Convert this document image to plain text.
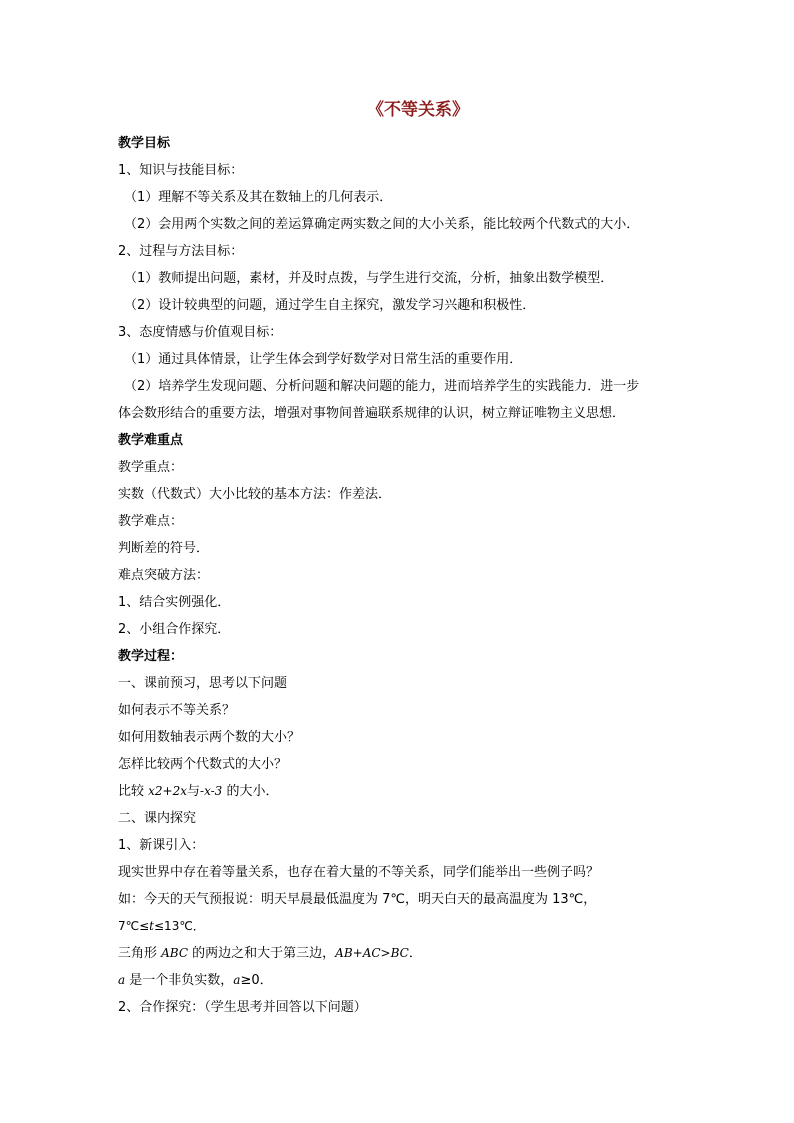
《不等关系》
教学目标
1、知识与技能目标：
（1）理解不等关系及其在数轴上的几何表示．
（2）会用两个实数之间的差运算确定两实数之间的大小关系，能比较两个代数式的大小．
2、过程与方法目标：
（1）教师提出问题，素材，并及时点拨，与学生进行交流，分析，抽象出数学模型．
（2）设计较典型的问题，通过学生自主探究，激发学习兴趣和积极性．
3、态度情感与价值观目标：
（1）通过具体情景，让学生体会到学好数学对日常生活的重要作用．
（2）培养学生发现问题、分析问题和解决问题的能力，进而培养学生的实践能力．进一步
体会数形结合的重要方法，增强对事物间普遍联系规律的认识，树立辩证唯物主义思想．
教学难重点
教学重点：
实数（代数式）大小比较的基本方法：作差法．
教学难点：
判断差的符号．
难点突破方法：
1、结合实例强化．
2、小组合作探究．
教学过程：
一、课前预习，思考以下问题
如何表示不等关系？
如何用数轴表示两个数的大小？
怎样比较两个代数式的大小？
比较 x2+2x与-x-3 的大小．
二、课内探究
1、新课引入：
现实世界中存在着等量关系，也存在着大量的不等关系，同学们能举出一些例子吗？
如：今天的天气预报说：明天早晨最低温度为 7℃，明天白天的最高温度为 13℃，
7℃≤t≤13℃．
三角形 ABC 的两边之和大于第三边，AB+AC>BC．
a 是一个非负实数，a≥0．
2、合作探究：（学生思考并回答以下问题）
